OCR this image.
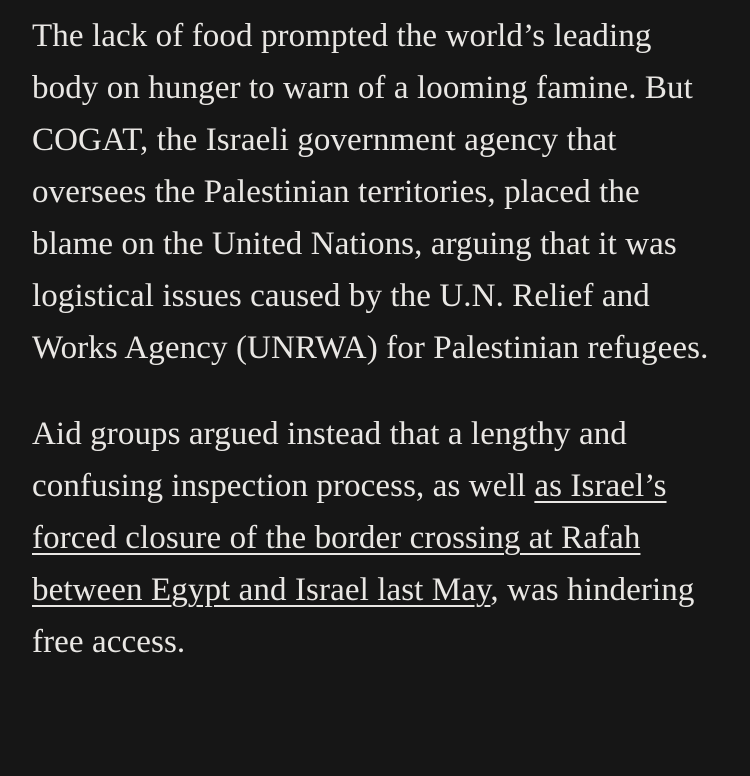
The lack of food prompted the world’s leading body on hunger to warn of a looming famine. But COGAT, the Israeli government agency that oversees the Palestinian territories, placed the blame on the United Nations, arguing that it was logistical issues caused by the U.N. Relief and Works Agency (UNRWA) for Palestinian refugees.

Aid groups argued instead that a lengthy and confusing inspection process, as well as Israel’s forced closure of the border crossing at Rafah between Egypt and Israel last May, was hindering free access.
